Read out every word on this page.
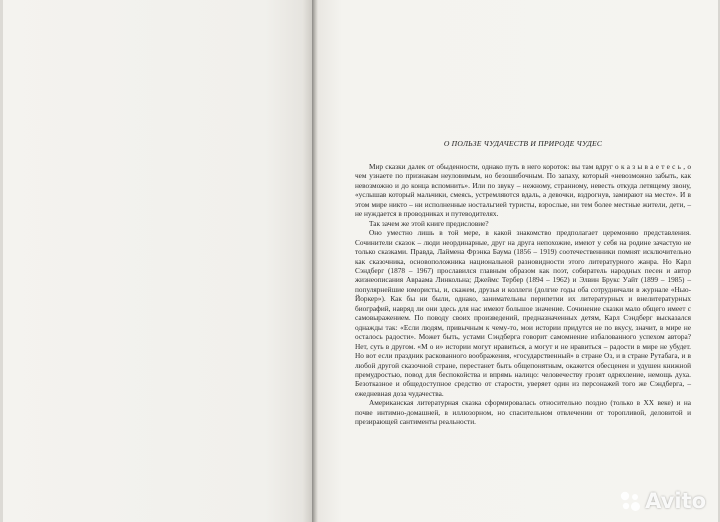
О ПОЛЬЗЕ ЧУДАЧЕСТВ И ПРИРОДЕ ЧУДЕС

Мир сказки далек от обыденности, однако путь в него короток: вы там вдруг о к а з ы в а е т е с ь , о чем узнаете по признакам неуловимым, но безошибочным. По запаху, который «невозможно забыть, как невозможно и до конца вспомнить». Или по звуку – нежному, странному, невесть откуда летящему звону, «услышав который мальчики, смеясь, устремляются вдаль, а девочки, вздрогнув, замирают на месте». И в этом мире никто – ни исполненные ностальгией туристы, взрослые, ни тем более местные жители, дети, – не нуждается в проводниках и путеводителях.

Так зачем же этой книге предисловие?

Оно уместно лишь в той мере, в какой знакомство предполагает церемонию представления. Сочинители сказок – люди неординарные, друг на друга непохожие, имеют у себя на родине зачастую не только сказками. Правда, Лаймена Фрэнка Баума (1856 – 1919) соотечественники помнят исключительно как сказочника, основоположника национальной разновидности этого литературного жанра. Но Карл Сэндберг (1878 – 1967) прославился главным образом как поэт, собиратель народных песен и автор жизнеописания Авраама Линкольна; Джеймс Тербер (1894 – 1962) и Элвин Брукс Уайт (1899 – 1985) – популярнейшие юмористы, и, скажем, друзья и коллеги (долгие годы оба сотрудничали в журнале «Нью-Йоркер»). Как бы ни были, однако, занимательны перипетии их литературных и внелитературных биографий, навряд ли они здесь для нас имеют большое значение. Сочинение сказки мало общего имеет с самовыражением. По поводу своих произведений, предназначенных детям, Карл Сэндберг высказался однажды так: «Если людям, привычным к чему-то, мои истории придутся не по вкусу, значит, в мире не осталось радости». Может быть, устами Сэндберга говорит самомнение избалованного успехом автора? Нет, суть в другом. «М о и» истории могут нравиться, а могут и не нравиться – радости в мире не убудет. Но вот если праздник раскованного воображения, «государственный» в стране Оз, и в стране Рутабага, и в любой другой сказочной стране, перестанет быть общепонятным, окажется обесценен и удушен книжной премудростью, повод для беспокойства и впрямь налицо: человечеству грозят одряхление, немощь духа. Безотказное и общедоступное средство от старости, уверяет один из персонажей того же Сэндберга, – ежедневная доза чудачества.

Американская литературная сказка сформировалась относительно поздно (только в XX веке) и на почве интимно-домашней, в иллюзорном, но спасительном отвлечении от торопливой, деловитой и презирающей сантименты реальности.

Avito
